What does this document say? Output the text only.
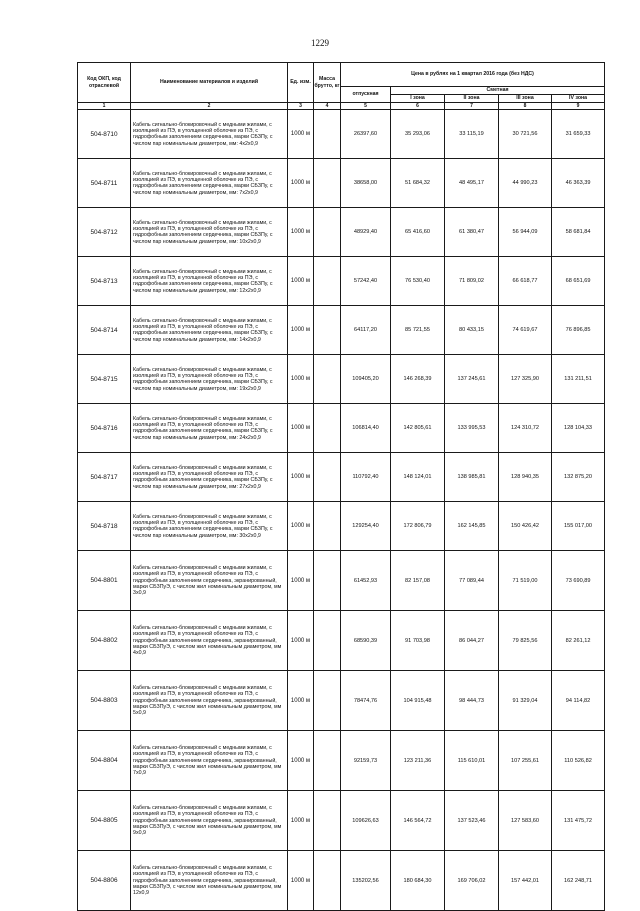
1229
Код ОКП, код отраслевой	Наименование материалов и изделий	Ед. изм.	Масса брутто, кг	Цена в рублях на 1 квартал 2016 года (без НДС)				
				отпускная	Сметная			
					I зона	II зона	III зона	IV зона
1	2	3	4	5	6	7	8	9
504-8710	Кабель сигнально-блокировочный с медными жилами, с изоляцией из ПЭ, в утолщенной оболочке из ПЭ, с гидрофобным заполнением сердечника, марки СБЗПу, с числом пар номинальным диаметром, мм: 4x2x0,9	1000 м		26397,60	35 293,06	33 115,19	30 721,56	31 659,33
504-8711	Кабель сигнально-блокировочный с медными жилами, с изоляцией из ПЭ, в утолщенной оболочке из ПЭ, с гидрофобным заполнением сердечника, марки СБЗПу, с числом пар номинальным диаметром, мм: 7x2x0,9	1000 м		38658,00	51 684,32	48 495,17	44 990,23	46 363,39
504-8712	Кабель сигнально-блокировочный с медными жилами, с изоляцией из ПЭ, в утолщенной оболочке из ПЭ, с гидрофобным заполнением сердечника, марки СБЗПу, с числом пар номинальным диаметром, мм: 10x2x0,9	1000 м		48929,40	65 416,60	61 380,47	56 944,09	58 681,84
504-8713	Кабель сигнально-блокировочный с медными жилами, с изоляцией из ПЭ, в утолщенной оболочке из ПЭ, с гидрофобным заполнением сердечника, марки СБЗПу, с числом пар номинальным диаметром, мм: 12x2x0,9	1000 м		57242,40	76 530,40	71 809,02	66 618,77	68 651,69
504-8714	Кабель сигнально-блокировочный с медными жилами, с изоляцией из ПЭ, в утолщенной оболочке из ПЭ, с гидрофобным заполнением сердечника, марки СБЗПу, с числом пар номинальным диаметром, мм: 14x2x0,9	1000 м		64117,20	85 721,55	80 433,15	74 619,67	76 896,85
504-8715	Кабель сигнально-блокировочный с медными жилами, с изоляцией из ПЭ, в утолщенной оболочке из ПЭ, с гидрофобным заполнением сердечника, марки СБЗПу, с числом пар номинальным диаметром, мм: 19x2x0,9	1000 м		109405,20	146 268,39	137 245,61	127 325,90	131 211,51
504-8716	Кабель сигнально-блокировочный с медными жилами, с изоляцией из ПЭ, в утолщенной оболочке из ПЭ, с гидрофобным заполнением сердечника, марки СБЗПу, с числом пар номинальным диаметром, мм: 24x2x0,9	1000 м		106814,40	142 805,61	133 995,53	124 310,72	128 104,33
504-8717	Кабель сигнально-блокировочный с медными жилами, с изоляцией из ПЭ, в утолщенной оболочке из ПЭ, с гидрофобным заполнением сердечника, марки СБЗПу, с числом пар номинальным диаметром, мм: 27x2x0,9	1000 м		110792,40	148 124,01	138 985,81	128 940,35	132 875,20
504-8718	Кабель сигнально-блокировочный с медными жилами, с изоляцией из ПЭ, в утолщенной оболочке из ПЭ, с гидрофобным заполнением сердечника, марки СБЗПу, с числом пар номинальным диаметром, мм: 30x2x0,9	1000 м		129254,40	172 806,79	162 145,85	150 426,42	155 017,00
504-8801	Кабель сигнально-блокировочный с медными жилами, с изоляцией из ПЭ, в утолщенной оболочке из ПЭ, с гидрофобным заполнением сердечника, экранированный, марки СБЗПуЭ, с числом жил номинальным диаметром, мм 3x0,9	1000 м		61452,93	82 157,08	77 089,44	71 519,00	73 690,89
504-8802	Кабель сигнально-блокировочный с медными жилами, с изоляцией из ПЭ, в утолщенной оболочке из ПЭ, с гидрофобным заполнением сердечника, экранированный, марки СБЗПуЭ, с числом жил номинальным диаметром, мм 4x0,9	1000 м		68590,39	91 703,98	86 044,27	79 825,56	82 261,12
504-8803	Кабель сигнально-блокировочный с медными жилами, с изоляцией из ПЭ, в утолщенной оболочке из ПЭ, с гидрофобным заполнением сердечника, экранированный, марки СБЗПуЭ, с числом жил номинальным диаметром, мм 5x0,9	1000 м		78474,76	104 915,48	98 444,73	91 329,04	94 114,82
504-8804	Кабель сигнально-блокировочный с медными жилами, с изоляцией из ПЭ, в утолщенной оболочке из ПЭ, с гидрофобным заполнением сердечника, экранированный, марки СБЗПуЭ, с числом жил номинальным диаметром, мм 7x0,9	1000 м		92159,73	123 211,36	115 610,01	107 255,61	110 526,82
504-8805	Кабель сигнально-блокировочный с медными жилами, с изоляцией из ПЭ, в утолщенной оболочке из ПЭ, с гидрофобным заполнением сердечника, экранированный, марки СБЗПуЭ, с числом жил номинальным диаметром, мм 9x0,9	1000 м		109626,63	146 564,72	137 523,46	127 583,60	131 475,72
504-8806	Кабель сигнально-блокировочный с медными жилами, с изоляцией из ПЭ, в утолщенной оболочке из ПЭ, с гидрофобным заполнением сердечника, экранированный, марки СБЗПуЭ, с числом жил номинальным диаметром, мм 12x0,9	1000 м		135202,56	180 684,30	169 706,02	157 442,01	162 248,71
